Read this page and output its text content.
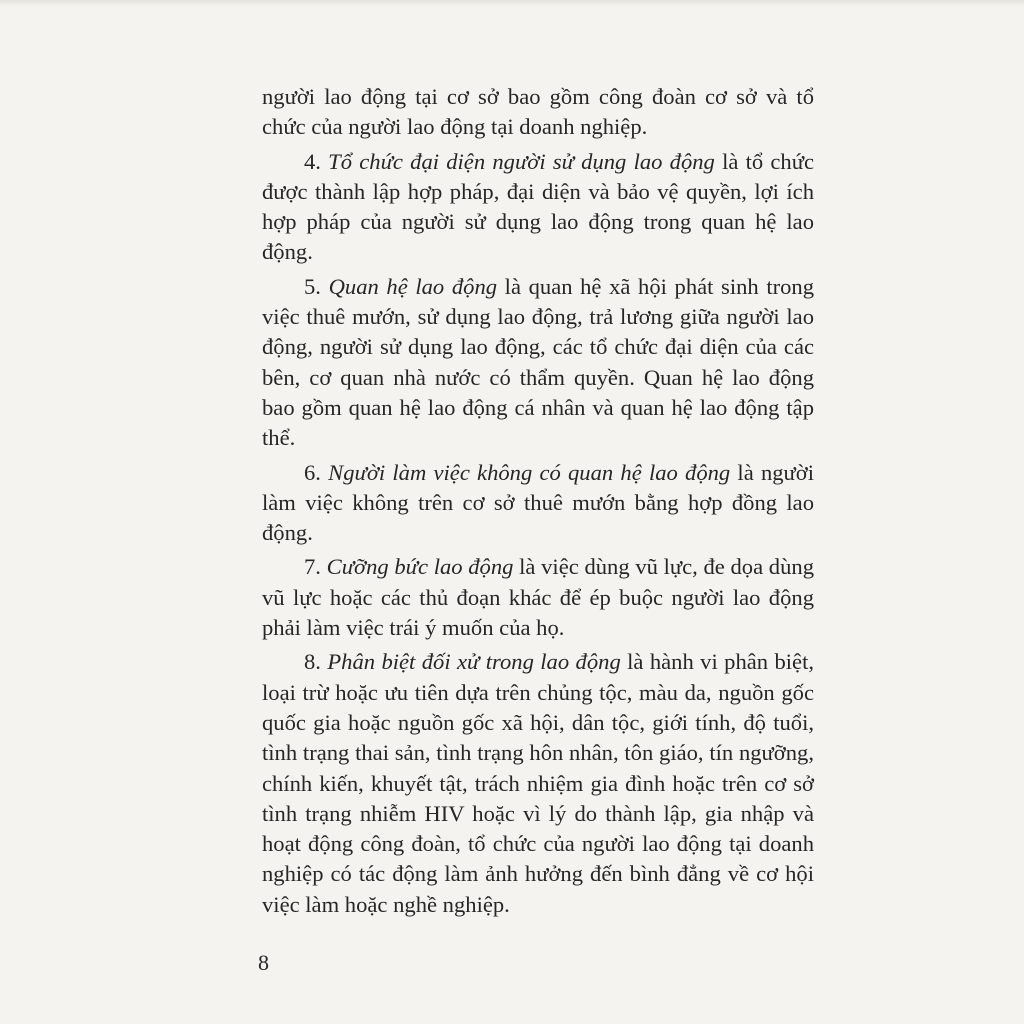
người lao động tại cơ sở bao gồm công đoàn cơ sở và tổ chức của người lao động tại doanh nghiệp.

4. Tổ chức đại diện người sử dụng lao động là tổ chức được thành lập hợp pháp, đại diện và bảo vệ quyền, lợi ích hợp pháp của người sử dụng lao động trong quan hệ lao động.

5. Quan hệ lao động là quan hệ xã hội phát sinh trong việc thuê mướn, sử dụng lao động, trả lương giữa người lao động, người sử dụng lao động, các tổ chức đại diện của các bên, cơ quan nhà nước có thẩm quyền. Quan hệ lao động bao gồm quan hệ lao động cá nhân và quan hệ lao động tập thể.

6. Người làm việc không có quan hệ lao động là người làm việc không trên cơ sở thuê mướn bằng hợp đồng lao động.

7. Cưỡng bức lao động là việc dùng vũ lực, đe dọa dùng vũ lực hoặc các thủ đoạn khác để ép buộc người lao động phải làm việc trái ý muốn của họ.

8. Phân biệt đối xử trong lao động là hành vi phân biệt, loại trừ hoặc ưu tiên dựa trên chủng tộc, màu da, nguồn gốc quốc gia hoặc nguồn gốc xã hội, dân tộc, giới tính, độ tuổi, tình trạng thai sản, tình trạng hôn nhân, tôn giáo, tín ngưỡng, chính kiến, khuyết tật, trách nhiệm gia đình hoặc trên cơ sở tình trạng nhiễm HIV hoặc vì lý do thành lập, gia nhập và hoạt động công đoàn, tổ chức của người lao động tại doanh nghiệp có tác động làm ảnh hưởng đến bình đẳng về cơ hội việc làm hoặc nghề nghiệp.

8
